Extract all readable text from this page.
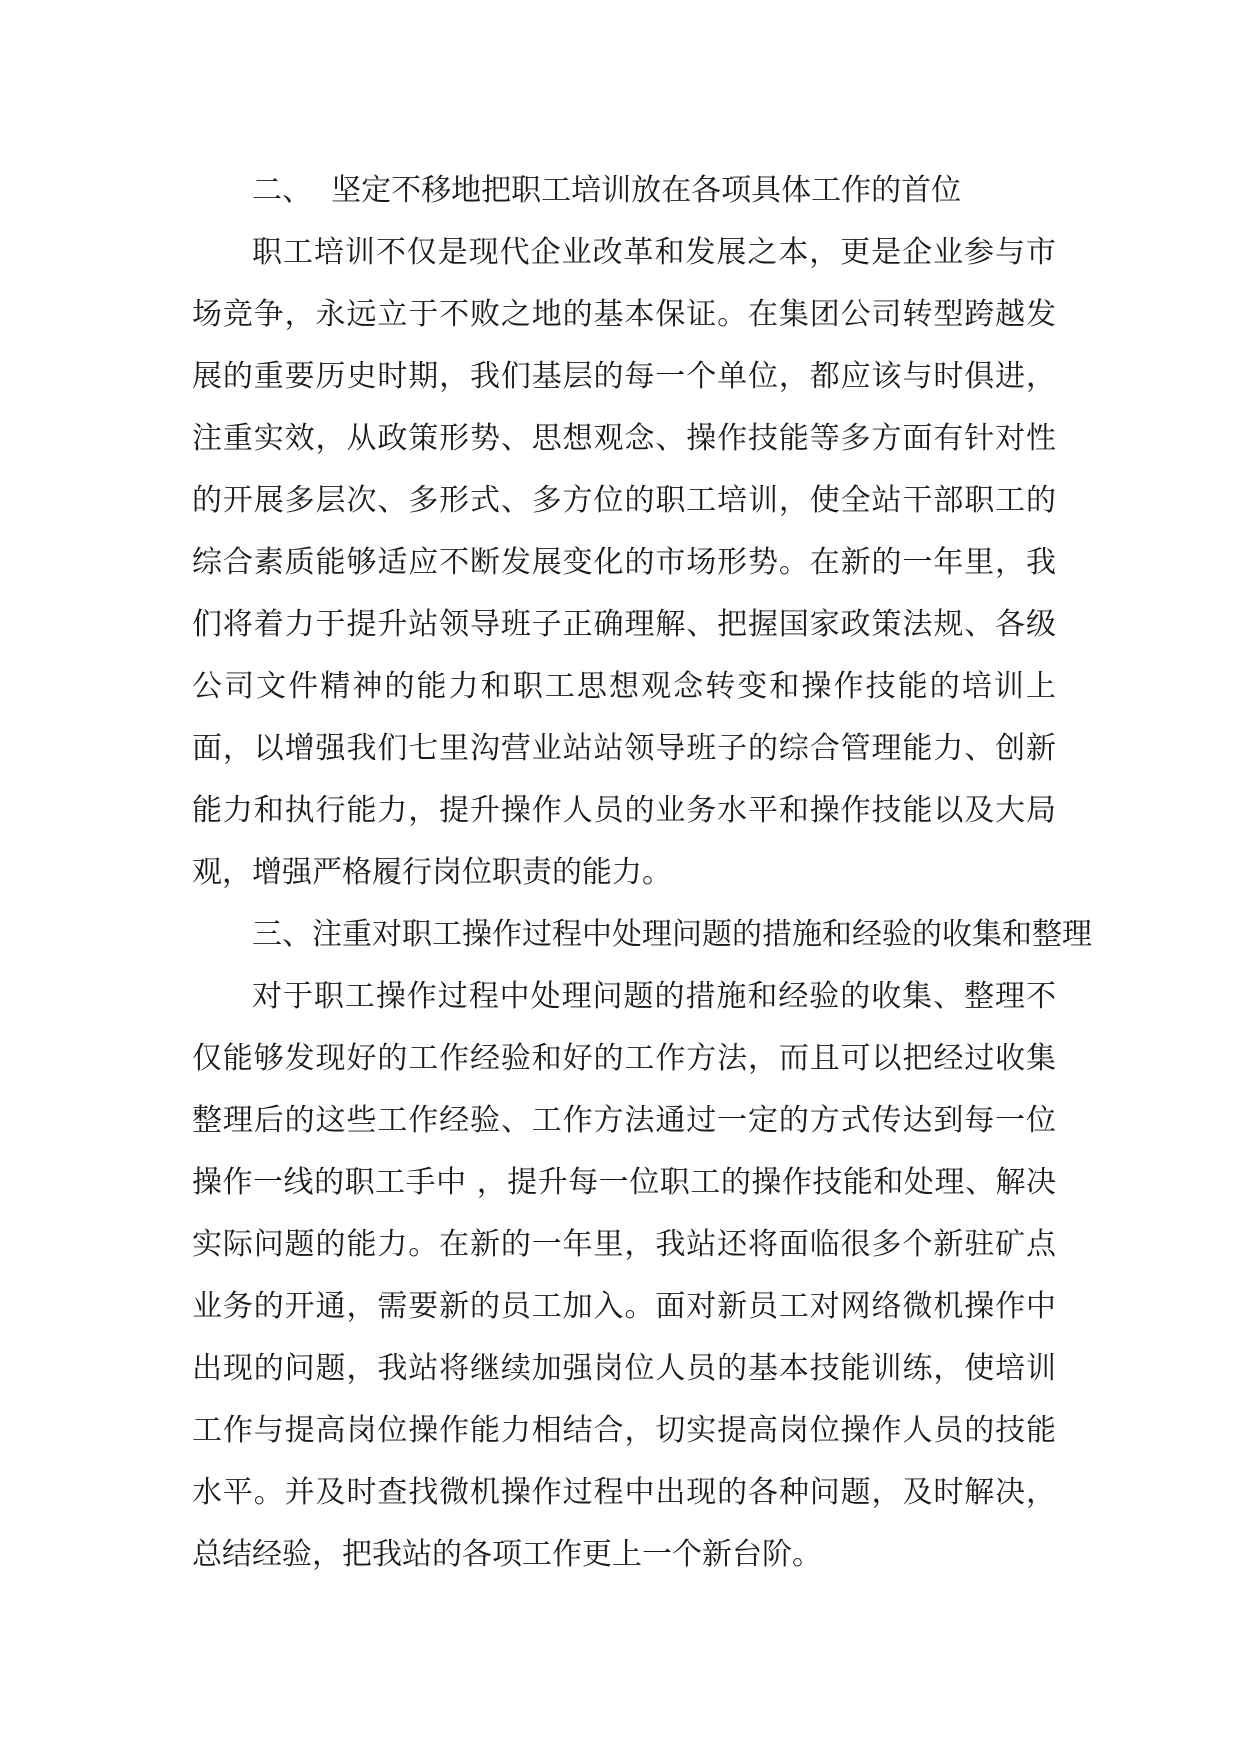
二、  坚定不移地把职工培训放在各项具体工作的首位

职工培训不仅是现代企业改革和发展之本，更是企业参与市场竞争，永远立于不败之地的基本保证。在集团公司转型跨越发展的重要历史时期，我们基层的每一个单位，都应该与时俱进，注重实效，从政策形势、思想观念、操作技能等多方面有针对性的开展多层次、多形式、多方位的职工培训，使全站干部职工的综合素质能够适应不断发展变化的市场形势。在新的一年里，我们将着力于提升站领导班子正确理解、把握国家政策法规、各级公司文件精神的能力和职工思想观念转变和操作技能的培训上面，以增强我们七里沟营业站站领导班子的综合管理能力、创新能力和执行能力，提升操作人员的业务水平和操作技能以及大局观，增强严格履行岗位职责的能力。

三、注重对职工操作过程中处理问题的措施和经验的收集和整理

对于职工操作过程中处理问题的措施和经验的收集、整理不仅能够发现好的工作经验和好的工作方法，而且可以把经过收集整理后的这些工作经验、工作方法通过一定的方式传达到每一位操作一线的职工手中 ，提升每一位职工的操作技能和处理、解决实际问题的能力。在新的一年里，我站还将面临很多个新驻矿点业务的开通，需要新的员工加入。面对新员工对网络微机操作中出现的问题，我站将继续加强岗位人员的基本技能训练，使培训工作与提高岗位操作能力相结合，切实提高岗位操作人员的技能水平。并及时查找微机操作过程中出现的各种问题，及时解决，总结经验，把我站的各项工作更上一个新台阶。
